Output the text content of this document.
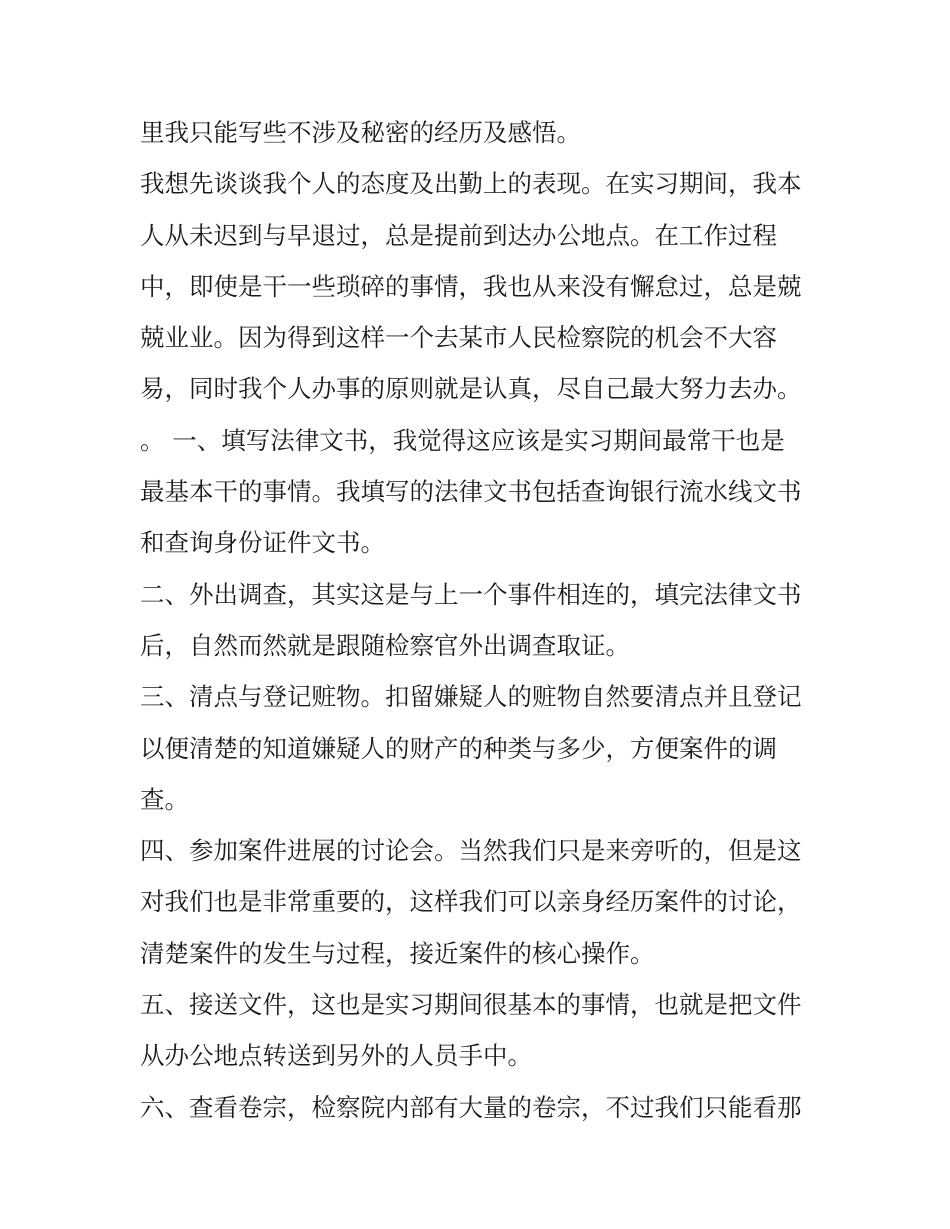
里我只能写些不涉及秘密的经历及感悟。
我想先谈谈我个人的态度及出勤上的表现。在实习期间，我本
人从未迟到与早退过，总是提前到达办公地点。在工作过程
中，即使是干一些琐碎的事情，我也从来没有懈怠过，总是兢
兢业业。因为得到这样一个去某市人民检察院的机会不大容
易，同时我个人办事的原则就是认真，尽自己最大努力去办。
。 一、填写法律文书，我觉得这应该是实习期间最常干也是
最基本干的事情。我填写的法律文书包括查询银行流水线文书
和查询身份证件文书。
二、外出调查，其实这是与上一个事件相连的，填完法律文书
后，自然而然就是跟随检察官外出调查取证。
三、清点与登记赃物。扣留嫌疑人的赃物自然要清点并且登记
以便清楚的知道嫌疑人的财产的种类与多少，方便案件的调
查。
四、参加案件进展的讨论会。当然我们只是来旁听的，但是这
对我们也是非常重要的，这样我们可以亲身经历案件的讨论，
清楚案件的发生与过程，接近案件的核心操作。
五、接送文件，这也是实习期间很基本的事情，也就是把文件
从办公地点转送到另外的人员手中。
六、查看卷宗，检察院内部有大量的卷宗，不过我们只能看那
